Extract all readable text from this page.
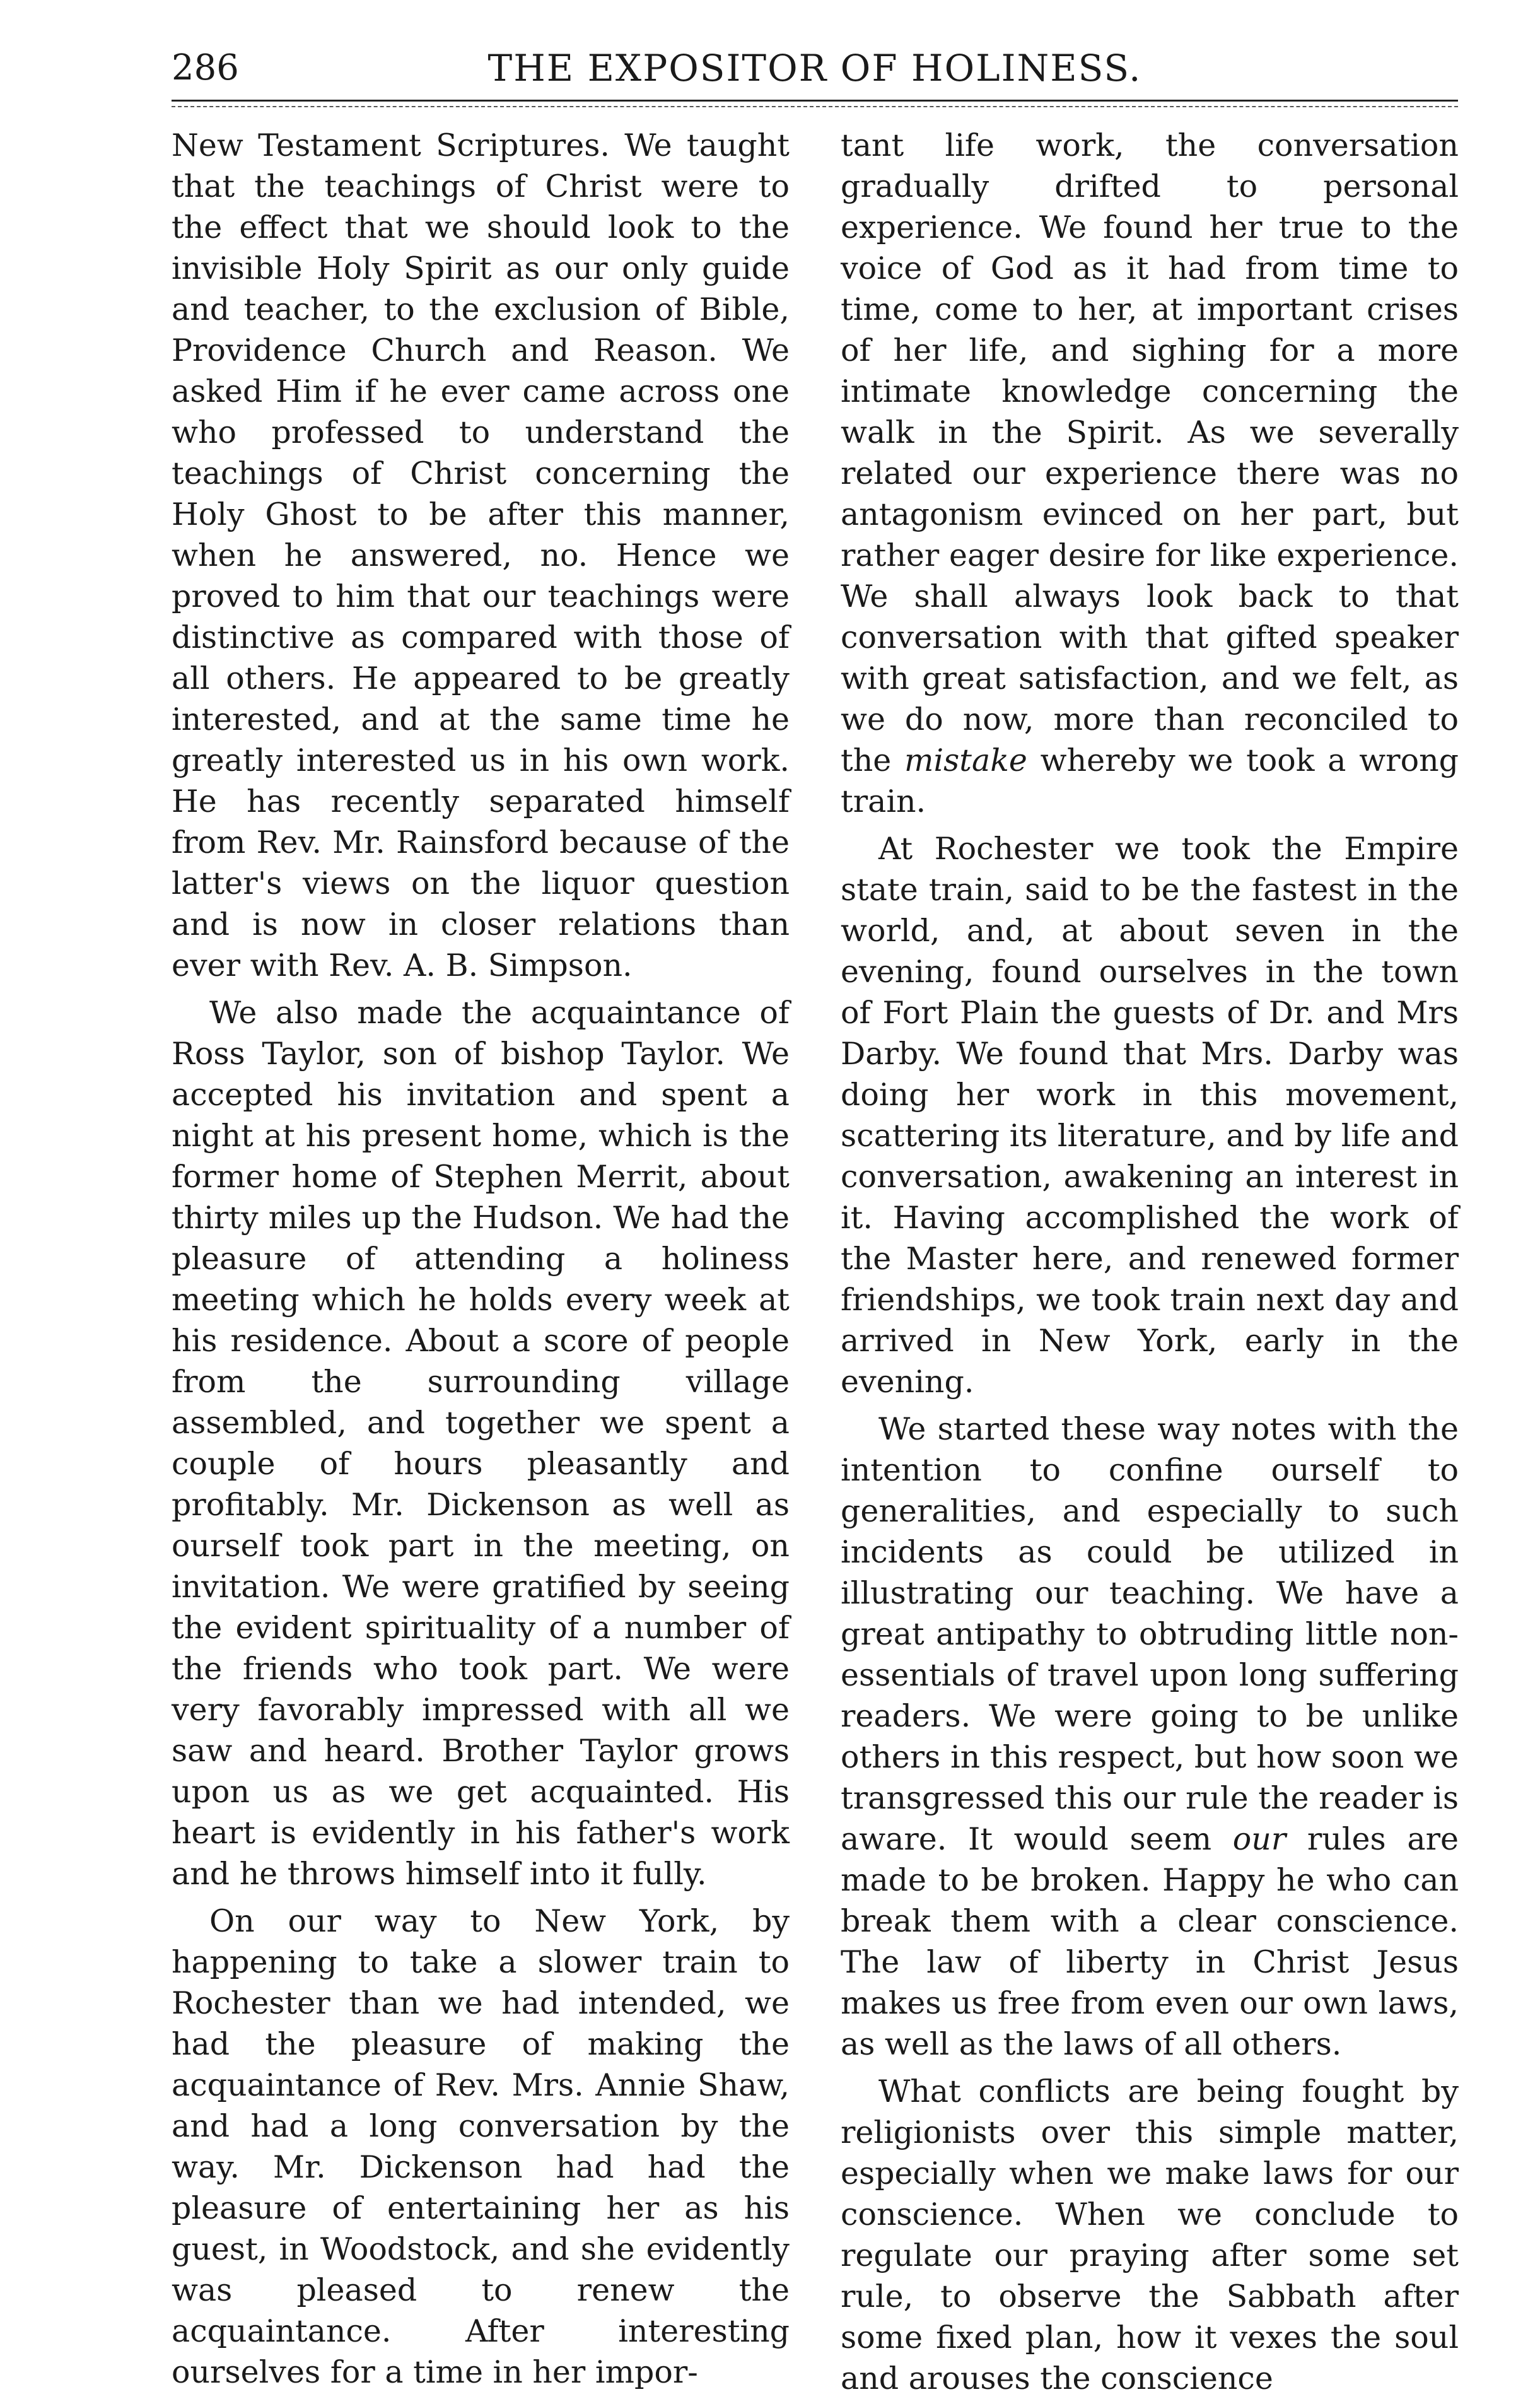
286	THE EXPOSITOR OF HOLINESS.

New Testament Scriptures. We taught that the teachings of Christ were to the effect that we should look to the invisible Holy Spirit as our only guide and teacher, to the exclusion of Bible, Providence Church and Reason. We asked Him if he ever came across one who professed to understand the teachings of Christ concerning the Holy Ghost to be after this manner, when he answered, no. Hence we proved to him that our teachings were distinctive as compared with those of all others. He appeared to be greatly interested, and at the same time he greatly interested us in his own work. He has recently separated himself from Rev. Mr. Rainsford because of the latter's views on the liquor question and is now in closer relations than ever with Rev. A. B. Simpson.

We also made the acquaintance of Ross Taylor, son of bishop Taylor. We accepted his invitation and spent a night at his present home, which is the former home of Stephen Merrit, about thirty miles up the Hudson. We had the pleasure of attending a holiness meeting which he holds every week at his residence. About a score of people from the surrounding village assembled, and together we spent a couple of hours pleasantly and profitably. Mr. Dickenson as well as ourself took part in the meeting, on invitation. We were gratified by seeing the evident spirituality of a number of the friends who took part. We were very favorably impressed with all we saw and heard. Brother Taylor grows upon us as we get acquainted. His heart is evidently in his father's work and he throws himself into it fully.

On our way to New York, by happening to take a slower train to Rochester than we had intended, we had the pleasure of making the acquaintance of Rev. Mrs. Annie Shaw, and had a long conversation by the way. Mr. Dickenson had had the pleasure of entertaining her as his guest, in Woodstock, and she evidently was pleased to renew the acquaintance. After interesting ourselves for a time in her impor-

tant life work, the conversation gradually drifted to personal experience. We found her true to the voice of God as it had from time to time, come to her, at important crises of her life, and sighing for a more intimate knowledge concerning the walk in the Spirit. As we severally related our experience there was no antagonism evinced on her part, but rather eager desire for like experience. We shall always look back to that conversation with that gifted speaker with great satisfaction, and we felt, as we do now, more than reconciled to the mistake whereby we took a wrong train.

At Rochester we took the Empire state train, said to be the fastest in the world, and, at about seven in the evening, found ourselves in the town of Fort Plain the guests of Dr. and Mrs Darby. We found that Mrs. Darby was doing her work in this movement, scattering its literature, and by life and conversation, awakening an interest in it. Having accomplished the work of the Master here, and renewed former friendships, we took train next day and arrived in New York, early in the evening.

We started these way notes with the intention to confine ourself to generalities, and especially to such incidents as could be utilized in illustrating our teaching. We have a great antipathy to obtruding little non-essentials of travel upon long suffering readers. We were going to be unlike others in this respect, but how soon we transgressed this our rule the reader is aware. It would seem our rules are made to be broken. Happy he who can break them with a clear conscience. The law of liberty in Christ Jesus makes us free from even our own laws, as well as the laws of all others.

What conflicts are being fought by religionists over this simple matter, especially when we make laws for our conscience. When we conclude to regulate our praying after some set rule, to observe the Sabbath after some fixed plan, how it vexes the soul and arouses the conscience
